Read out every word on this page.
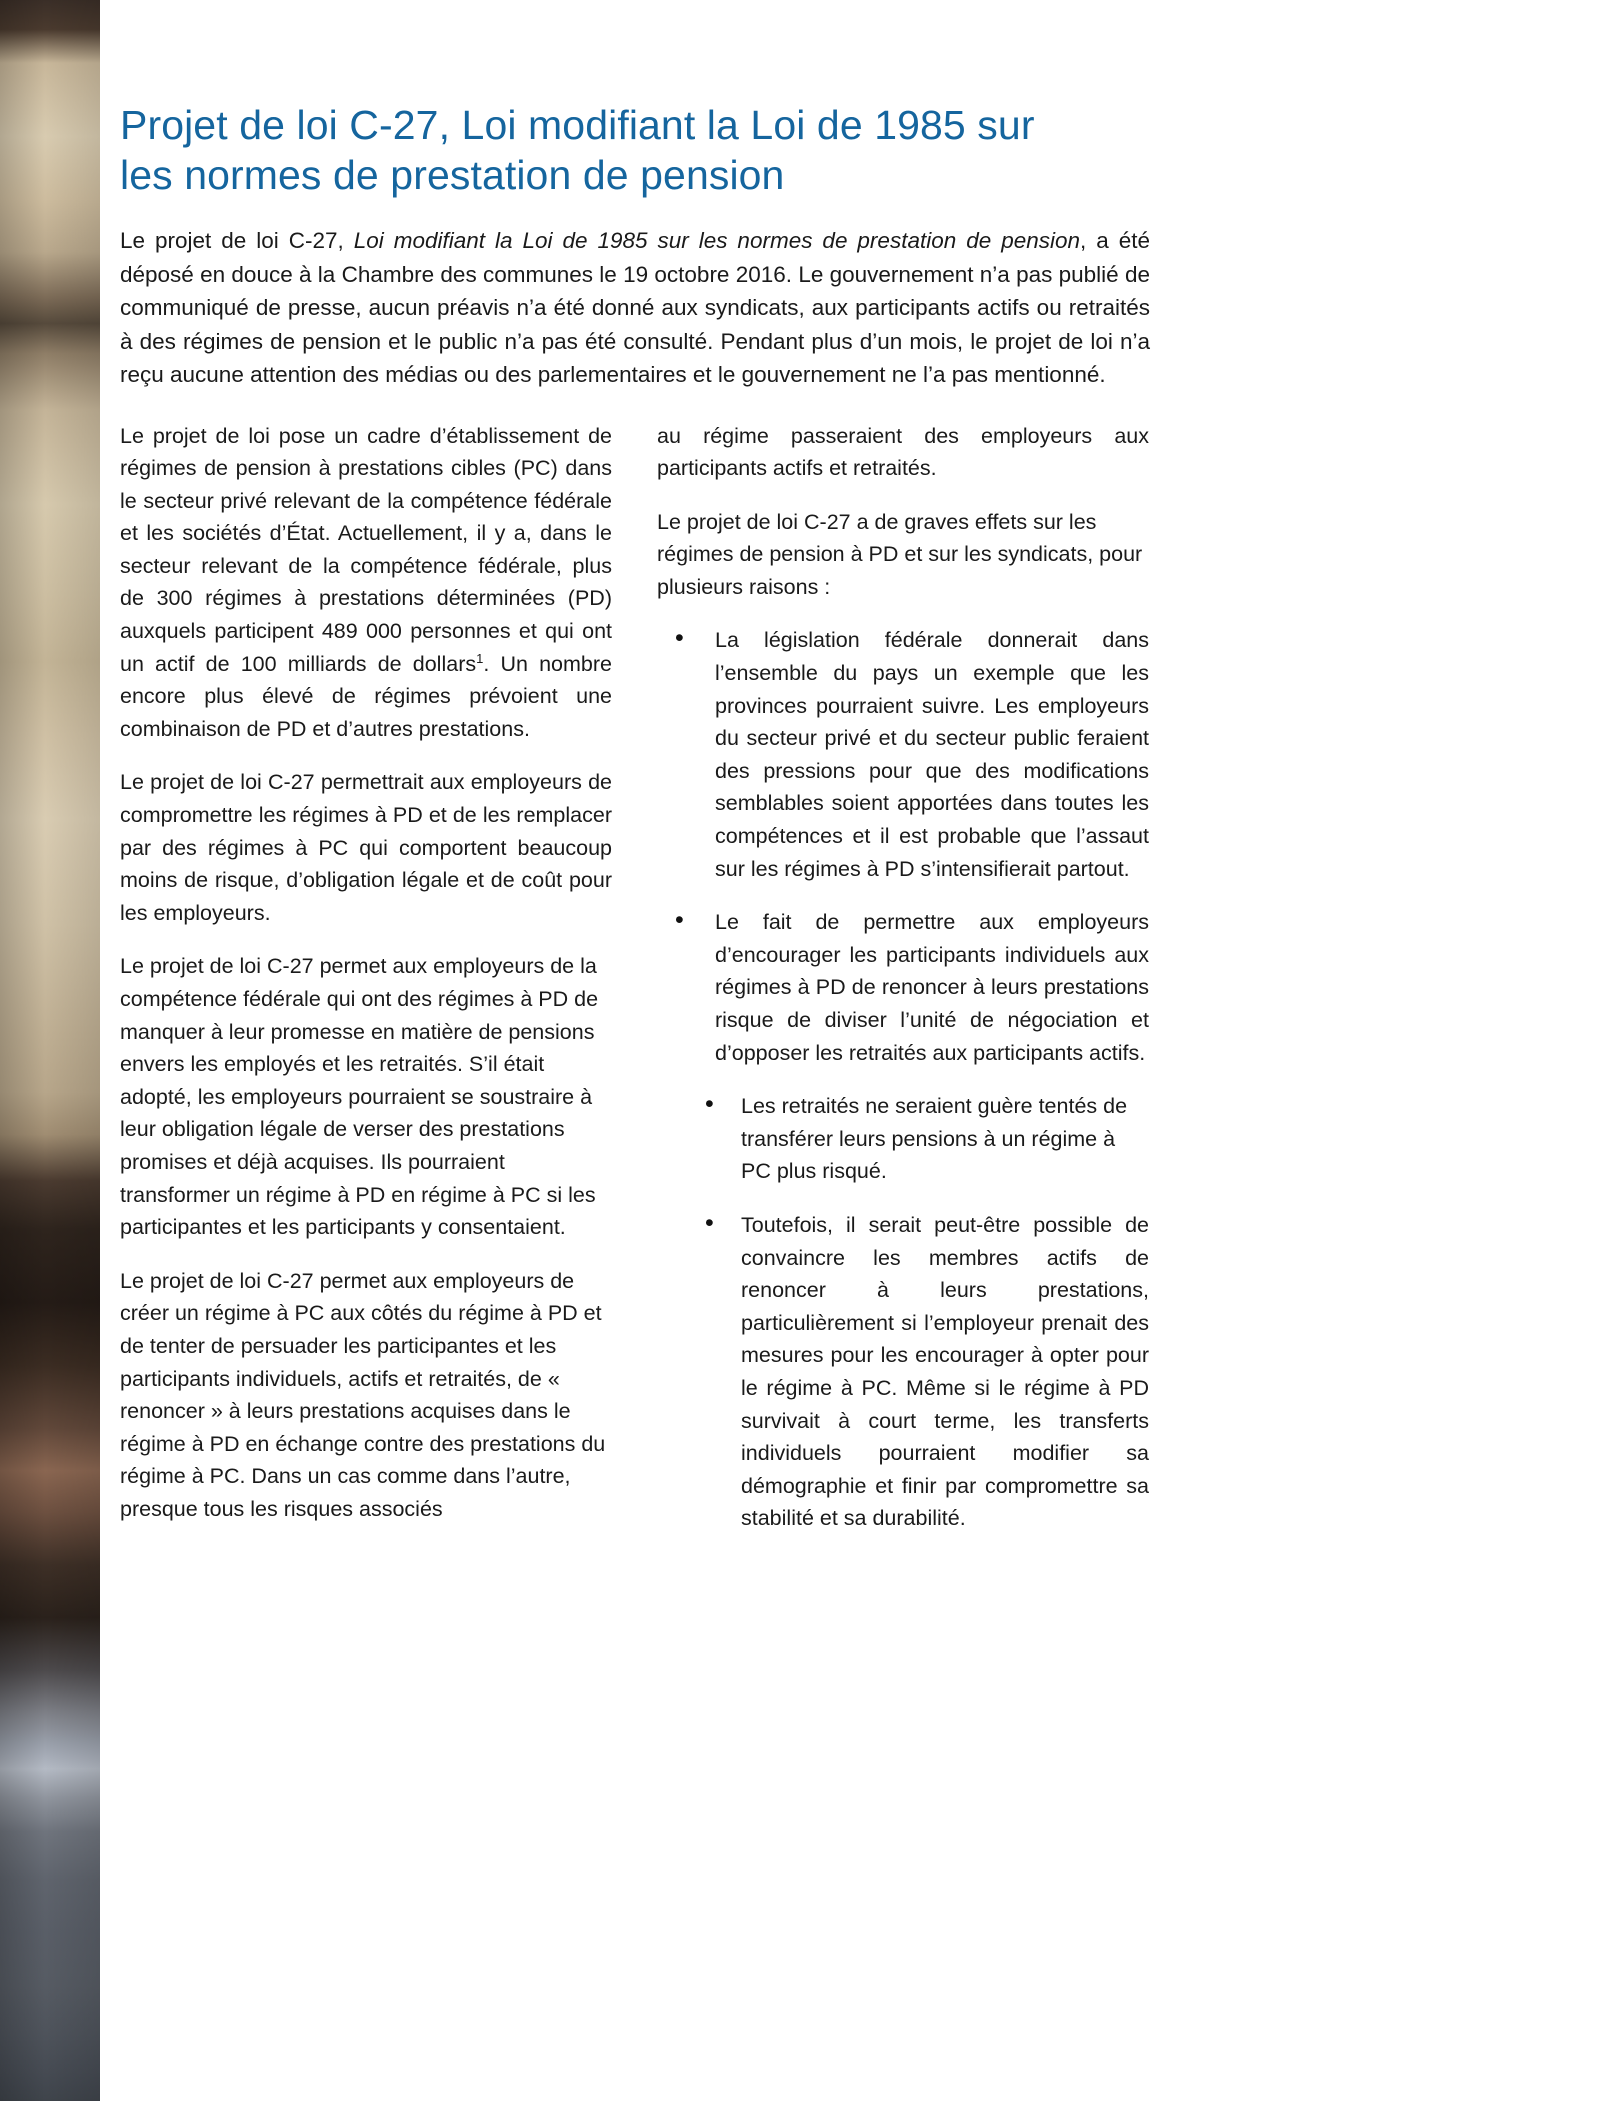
Projet de loi C-27, Loi modifiant la Loi de 1985 sur
les normes de prestation de pension

Le projet de loi C-27, Loi modifiant la Loi de 1985 sur les normes de prestation de pension, a été déposé en douce à la Chambre des communes le 19 octobre 2016. Le gouvernement n’a pas publié de communiqué de presse, aucun préavis n’a été donné aux syndicats, aux participants actifs ou retraités à des régimes de pension et le public n’a pas été consulté. Pendant plus d’un mois, le projet de loi n’a reçu aucune attention des médias ou des parlementaires et le gouvernement ne l’a pas mentionné.

Le projet de loi pose un cadre d’établissement de régimes de pension à prestations cibles (PC) dans le secteur privé relevant de la compétence fédérale et les sociétés d’État. Actuellement, il y a, dans le secteur relevant de la compétence fédérale, plus de 300 régimes à prestations déterminées (PD) auxquels participent 489 000 personnes et qui ont un actif de 100 milliards de dollars$^1$. Un nombre encore plus élevé de régimes prévoient une combinaison de PD et d’autres prestations.

Le projet de loi C-27 permettrait aux employeurs de compromettre les régimes à PD et de les remplacer par des régimes à PC qui comportent beaucoup moins de risque, d’obligation légale et de coût pour les employeurs.

Le projet de loi C-27 permet aux employeurs de la compétence fédérale qui ont des régimes à PD de manquer à leur promesse en matière de pensions envers les employés et les retraités. S’il était adopté, les employeurs pourraient se soustraire à leur obligation légale de verser des prestations promises et déjà acquises. Ils pourraient transformer un régime à PD en régime à PC si les participantes et les participants y consentaient.

Le projet de loi C-27 permet aux employeurs de créer un régime à PC aux côtés du régime à PD et de tenter de persuader les participantes et les participants individuels, actifs et retraités, de « renoncer » à leurs prestations acquises dans le régime à PD en échange contre des prestations du régime à PC. Dans un cas comme dans l’autre, presque tous les risques associés

au régime passeraient des employeurs aux participants actifs et retraités.

Le projet de loi C-27 a de graves effets sur les régimes de pension à PD et sur les syndicats, pour plusieurs raisons :

• La législation fédérale donnerait dans l’ensemble du pays un exemple que les provinces pourraient suivre. Les employeurs du secteur privé et du secteur public feraient des pressions pour que des modifications semblables soient apportées dans toutes les compétences et il est probable que l’assaut sur les régimes à PD s’intensifierait partout.
• Le fait de permettre aux employeurs d’encourager les participants individuels aux régimes à PD de renoncer à leurs prestations risque de diviser l’unité de négociation et d’opposer les retraités aux participants actifs.
• Les retraités ne seraient guère tentés de transférer leurs pensions à un régime à PC plus risqué.
• Toutefois, il serait peut-être possible de convaincre les membres actifs de renoncer à leurs prestations, particulièrement si l’employeur prenait des mesures pour les encourager à opter pour le régime à PC. Même si le régime à PD survivait à court terme, les transferts individuels pourraient modifier sa démographie et finir par compromettre sa stabilité et sa durabilité.
